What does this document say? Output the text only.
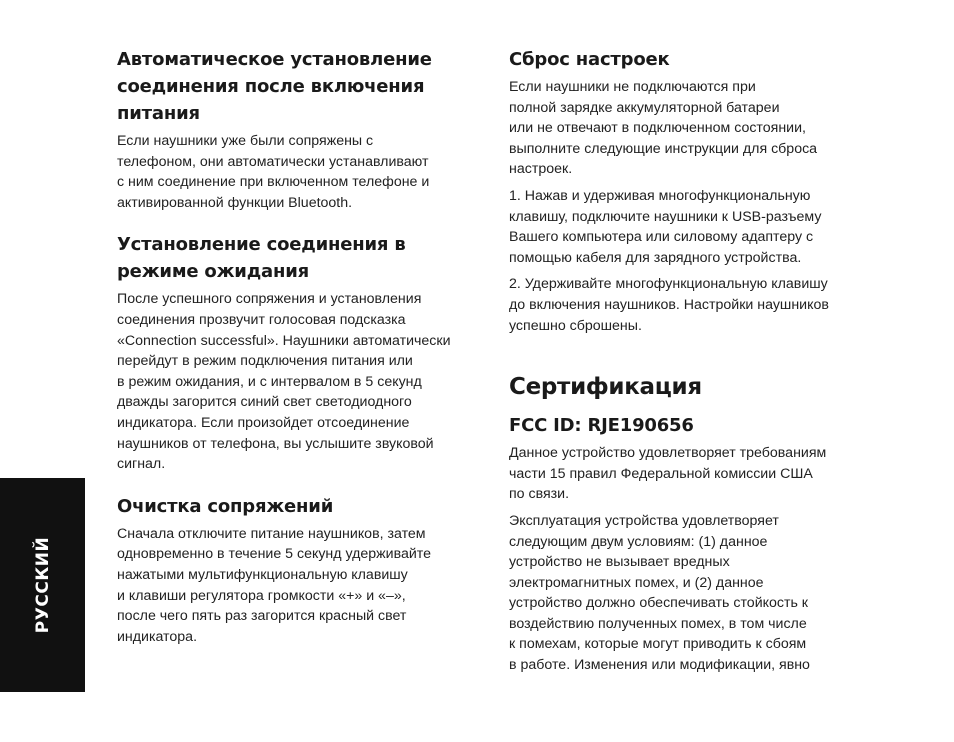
Автоматическое установление
соединения после включения
питания

Если наушники уже были сопряжены с
телефоном, они автоматически устанавливают
с ним соединение при включенном телефоне и
активированной функции Bluetooth.

Установление соединения в
режиме ожидания

После успешного сопряжения и установления
соединения прозвучит голосовая подсказка
«Connection successful». Наушники автоматически
перейдут в режим подключения питания или
в режим ожидания, и с интервалом в 5 секунд
дважды загорится синий свет светодиодного
индикатора. Если произойдет отсоединение
наушников от телефона, вы услышите звуковой
сигнал.

Очистка сопряжений

Сначала отключите питание наушников, затем
одновременно в течение 5 секунд удерживайте
нажатыми мультифункциональную клавишу
и клавиши регулятора громкости «+» и «–»,
после чего пять раз загорится красный свет
индикатора.

Сброс настроек

Если наушники не подключаются при
полной зарядке аккумуляторной батареи
или не отвечают в подключенном состоянии,
выполните следующие инструкции для сброса
настроек.

1. Нажав и удерживая многофункциональную
клавишу, подключите наушники к USB-разъему
Вашего компьютера или силовому адаптеру с
помощью кабеля для зарядного устройства.

2. Удерживайте многофункциональную клавишу
до включения наушников. Настройки наушников
успешно сброшены.

Сертификация
FCC ID: RJE190656

Данное устройство удовлетворяет требованиям
части 15 правил Федеральной комиссии США
по связи.

Эксплуатация устройства удовлетворяет
следующим двум условиям: (1) данное
устройство не вызывает вредных
электромагнитных помех, и (2) данное
устройство должно обеспечивать стойкость к
воздействию полученных помех, в том числе
к помехам, которые могут приводить к сбоям
в работе. Изменения или модификации, явно

РУССКИЙ
